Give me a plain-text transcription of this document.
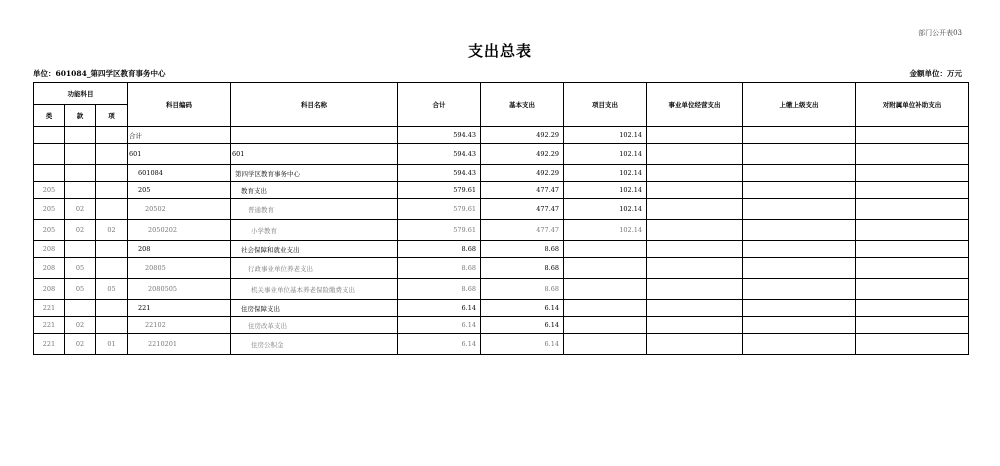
部门公开表03
支出总表
单位：601084_第四学区教育事务中心	金额单位：万元
功能科目			科目编码	科目名称	合计	基本支出	项目支出	事业单位经营支出	上缴上级支出	对附属单位补助支出
类	款	项								
			合计		594.43	492.29	102.14			
			601	601	594.43	492.29	102.14			
			601084	第四学区教育事务中心	594.43	492.29	102.14			
205			205	教育支出	579.61	477.47	102.14			
205	02		20502	普通教育	579.61	477.47	102.14			
205	02	02	2050202	小学教育	579.61	477.47	102.14			
208			208	社会保障和就业支出	8.68	8.68				
208	05		20805	行政事业单位养老支出	8.68	8.68				
208	05	05	2080505	机关事业单位基本养老保险缴费支出	8.68	8.68				
221			221	住房保障支出	6.14	6.14				
221	02		22102	住房改革支出	6.14	6.14				
221	02	01	2210201	住房公积金	6.14	6.14				
